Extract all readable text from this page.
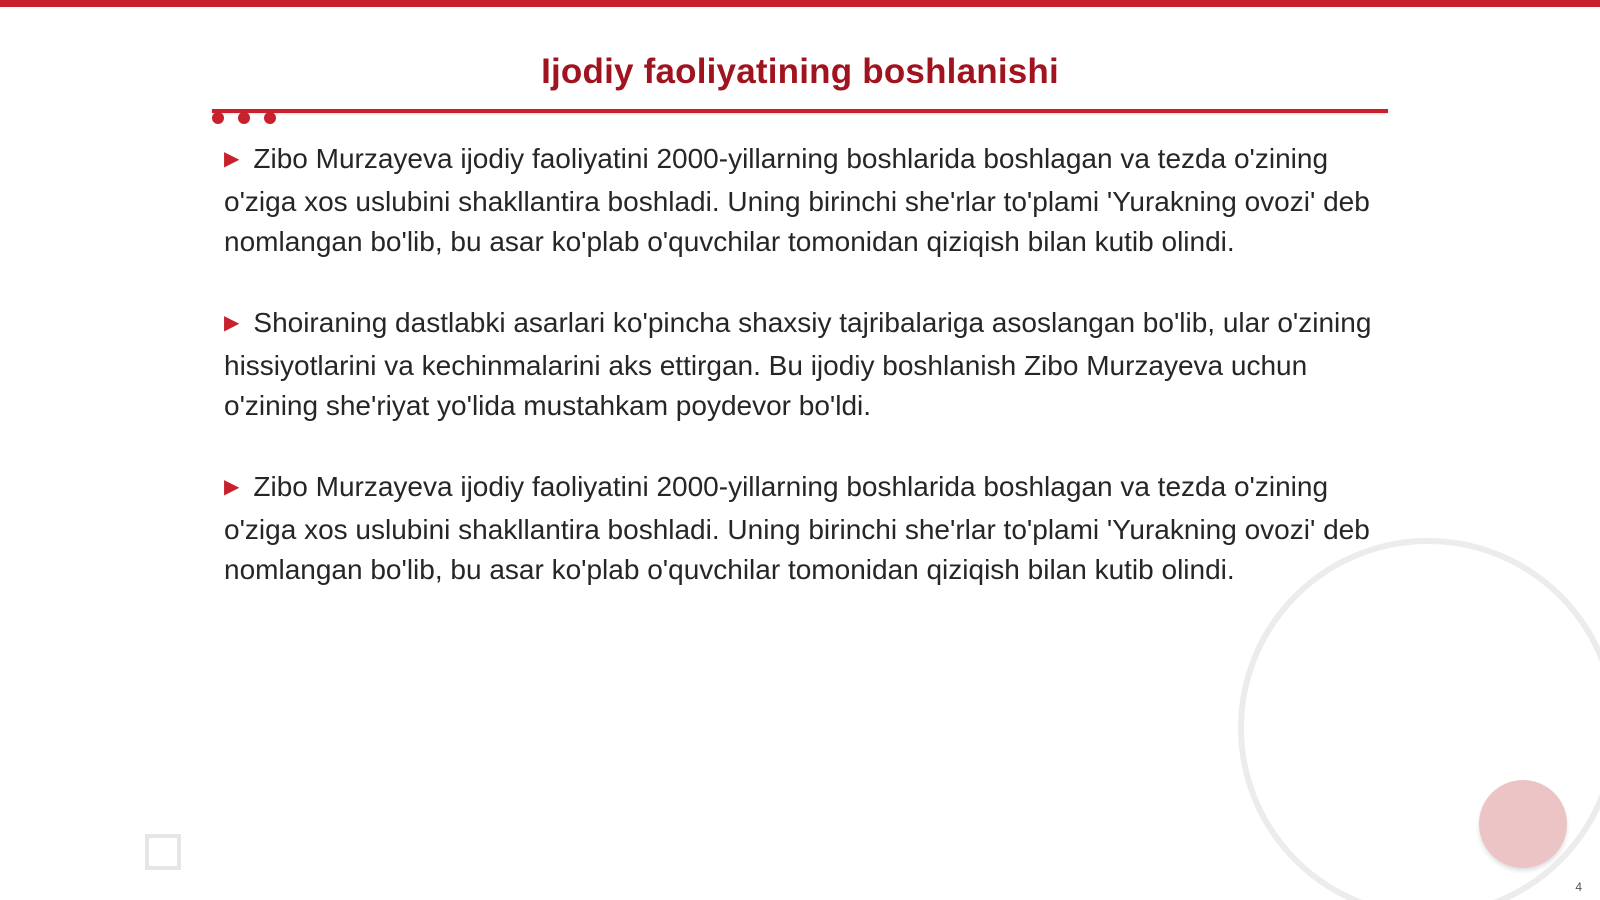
Ijodiy faoliyatining boshlanishi

▶ Zibo Murzayeva ijodiy faoliyatini 2000-yillarning boshlarida boshlagan va tezda o'zining o'ziga xos uslubini shakllantira boshladi. Uning birinchi she'rlar to'plami 'Yurakning ovozi' deb nomlangan bo'lib, bu asar ko'plab o'quvchilar tomonidan qiziqish bilan kutib olindi.

▶ Shoiraning dastlabki asarlari ko'pincha shaxsiy tajribalariga asoslangan bo'lib, ular o'zining hissiyotlarini va kechinmalarini aks ettirgan. Bu ijodiy boshlanish Zibo Murzayeva uchun o'zining she'riyat yo'lida mustahkam poydevor bo'ldi.

▶ Zibo Murzayeva ijodiy faoliyatini 2000-yillarning boshlarida boshlagan va tezda o'zining o'ziga xos uslubini shakllantira boshladi. Uning birinchi she'rlar to'plami 'Yurakning ovozi' deb nomlangan bo'lib, bu asar ko'plab o'quvchilar tomonidan qiziqish bilan kutib olindi.

4
